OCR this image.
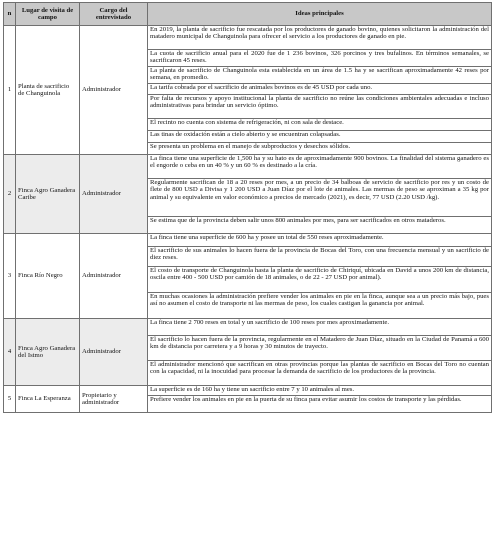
n	Lugar de visita de campo	Cargo del entrevistado	Ideas principales
1	Planta de sacrificio de Changuinola	Administrador	En 2019, la planta de sacrificio fue rescatada por los productores de ganado bovino, quienes solicitaron la administración del matadero municipal de Changuinola para ofrecer el servicio a los productores de ganado en pie.

			La cuota de sacrificio anual para el 2020 fue de 1 236 bovinos, 326 porcinos y tres bufalinos. En términos semanales, se sacrificaron 45 reses.

			La planta de sacrificio de Changuinola esta establecida en un área de 1.5 ha y se sacrifican aproximadamente 42 reses por semana, en promedio.

			La tarifa cobrada por el sacrificio de animales bovinos es de 45 USD por cada uno.

			Por falta de recursos y apoyo institucional la planta de sacrificio no reúne las condiciones ambientales adecuadas e incluso administrativas para brindar un servicio óptimo.

			El recinto no cuenta con sistema de refrigeración, ni con sala de destace.

			Las tinas de oxidación están a cielo abierto y se encuentran colapsadas.

			Se presenta un problema en el manejo de subproductos y desechos sólidos.

2	Finca Agro Ganadera Caribe	Administrador	La finca tiene una superficie de 1,500 ha y su hato es de aproximadamente 900 bovinos. La finalidad del sistema ganadero es el engorde o ceba en un 40 % y un 60 % es destinado a la cría.

			Regularmente sacrifican de 18 a 20 reses por mes, a un precio de 34 balboas de servicio de sacrificio por res y un costo de flete de 800 USD a Divisa y 1 200 USD a Juan Díaz por el lote de animales. Las mermas de peso se aproximan a 35 kg por animal y su equivalente en valor económico a precios de mercado (2021), es decir, 77 USD (2.20 USD /kg).

			Se estima que de la provincia deben salir unos 800 animales por mes, para ser sacrificados en otros mataderos.

3	Finca Río Negro	Administrador	La finca tiene una superficie de 600 ha y posee un total de 550 reses aproximadamente.

			El sacrificio de sus animales lo hacen fuera de la provincia de Bocas del Toro, con una frecuencia mensual y un sacrificio de diez reses.

			El costo de transporte de Changuinola hasta la planta de sacrificio de Chiriquí, ubicada en David a unos 200 km de distancia, oscila entre 400 - 500 USD por camión de 18 animales, o de 22 - 27 USD por animal).

			En muchas ocasiones la administración prefiere vender los animales en pie en la finca, aunque sea a un precio más bajo, pues así no asumen el costo de transporte ni las mermas de peso, los cuales castigan la ganancia por animal.

4	Finca Agro Ganadera del Istmo	Administrador	La finca tiene 2 700 reses en total y un sacrificio de 100 reses por mes aproximadamente.

			El sacrificio lo hacen fuera de la provincia, regularmente en el Matadero de Juan Díaz, situado en la Ciudad de Panamá a 600 km de distancia por carretera y a 9 horas y 30 minutos de trayecto.

			El administrador mencionó que sacrifican en otras provincias porque las plantas de sacrificio en Bocas del Toro no cuentan con la capacidad, ni la inocuidad para procesar la demanda de sacrificio de los productores de la provincia.

5	Finca La Esperanza	Propietario y administrador	La superficie es de 160 ha y tiene un sacrificio entre 7 y 10 animales al mes.

			Prefiere vender los animales en pie en la puerta de su finca para evitar asumir los costos de transporte y las pérdidas.
